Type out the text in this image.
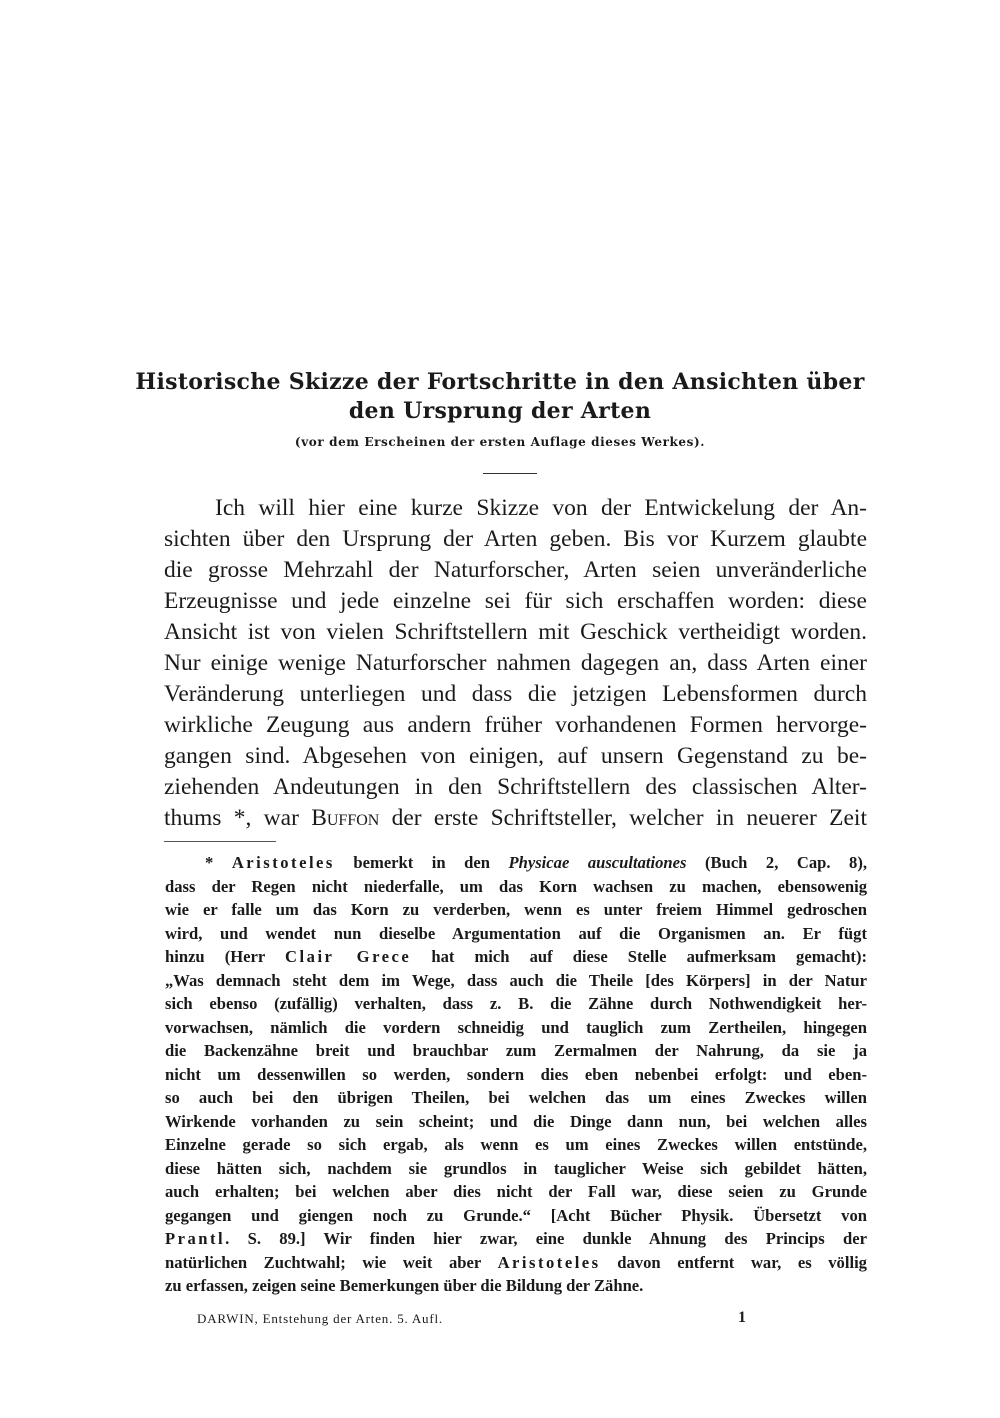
Historische Skizze der Fortschritte in den Ansichten über
den Ursprung der Arten
(vor dem Erscheinen der ersten Auflage dieses Werkes).
Ich will hier eine kurze Skizze von der Entwickelung der An-
sichten über den Ursprung der Arten geben. Bis vor Kurzem glaubte
die grosse Mehrzahl der Naturforscher, Arten seien unveränderliche
Erzeugnisse und jede einzelne sei für sich erschaffen worden: diese
Ansicht ist von vielen Schriftstellern mit Geschick vertheidigt worden.
Nur einige wenige Naturforscher nahmen dagegen an, dass Arten einer
Veränderung unterliegen und dass die jetzigen Lebensformen durch
wirkliche Zeugung aus andern früher vorhandenen Formen hervorge-
gangen sind. Abgesehen von einigen, auf unsern Gegenstand zu be-
ziehenden Andeutungen in den Schriftstellern des classischen Alter-
thums *, war Buffon der erste Schriftsteller, welcher in neuerer Zeit
* Aristoteles bemerkt in den Physicae auscultationes (Buch 2, Cap. 8),
dass der Regen nicht niederfalle, um das Korn wachsen zu machen, ebensowenig
wie er falle um das Korn zu verderben, wenn es unter freiem Himmel gedroschen
wird, und wendet nun dieselbe Argumentation auf die Organismen an. Er fügt
hinzu (Herr Clair Grece hat mich auf diese Stelle aufmerksam gemacht):
„Was demnach steht dem im Wege, dass auch die Theile [des Körpers] in der Natur
sich ebenso (zufällig) verhalten, dass z. B. die Zähne durch Nothwendigkeit her-
vorwachsen, nämlich die vordern schneidig und tauglich zum Zertheilen, hingegen
die Backenzähne breit und brauchbar zum Zermalmen der Nahrung, da sie ja
nicht um dessenwillen so werden, sondern dies eben nebenbei erfolgt: und eben-
so auch bei den übrigen Theilen, bei welchen das um eines Zweckes willen
Wirkende vorhanden zu sein scheint; und die Dinge dann nun, bei welchen alles
Einzelne gerade so sich ergab, als wenn es um eines Zweckes willen entstünde,
diese hätten sich, nachdem sie grundlos in tauglicher Weise sich gebildet hätten,
auch erhalten; bei welchen aber dies nicht der Fall war, diese seien zu Grunde
gegangen und giengen noch zu Grunde.“ [Acht Bücher Physik. Übersetzt von
Prantl. S. 89.] Wir finden hier zwar, eine dunkle Ahnung des Princips der
natürlichen Zuchtwahl; wie weit aber Aristoteles davon entfernt war, es völlig
zu erfassen, zeigen seine Bemerkungen über die Bildung der Zähne.
DARWIN, Entstehung der Arten. 5. Aufl.	1
